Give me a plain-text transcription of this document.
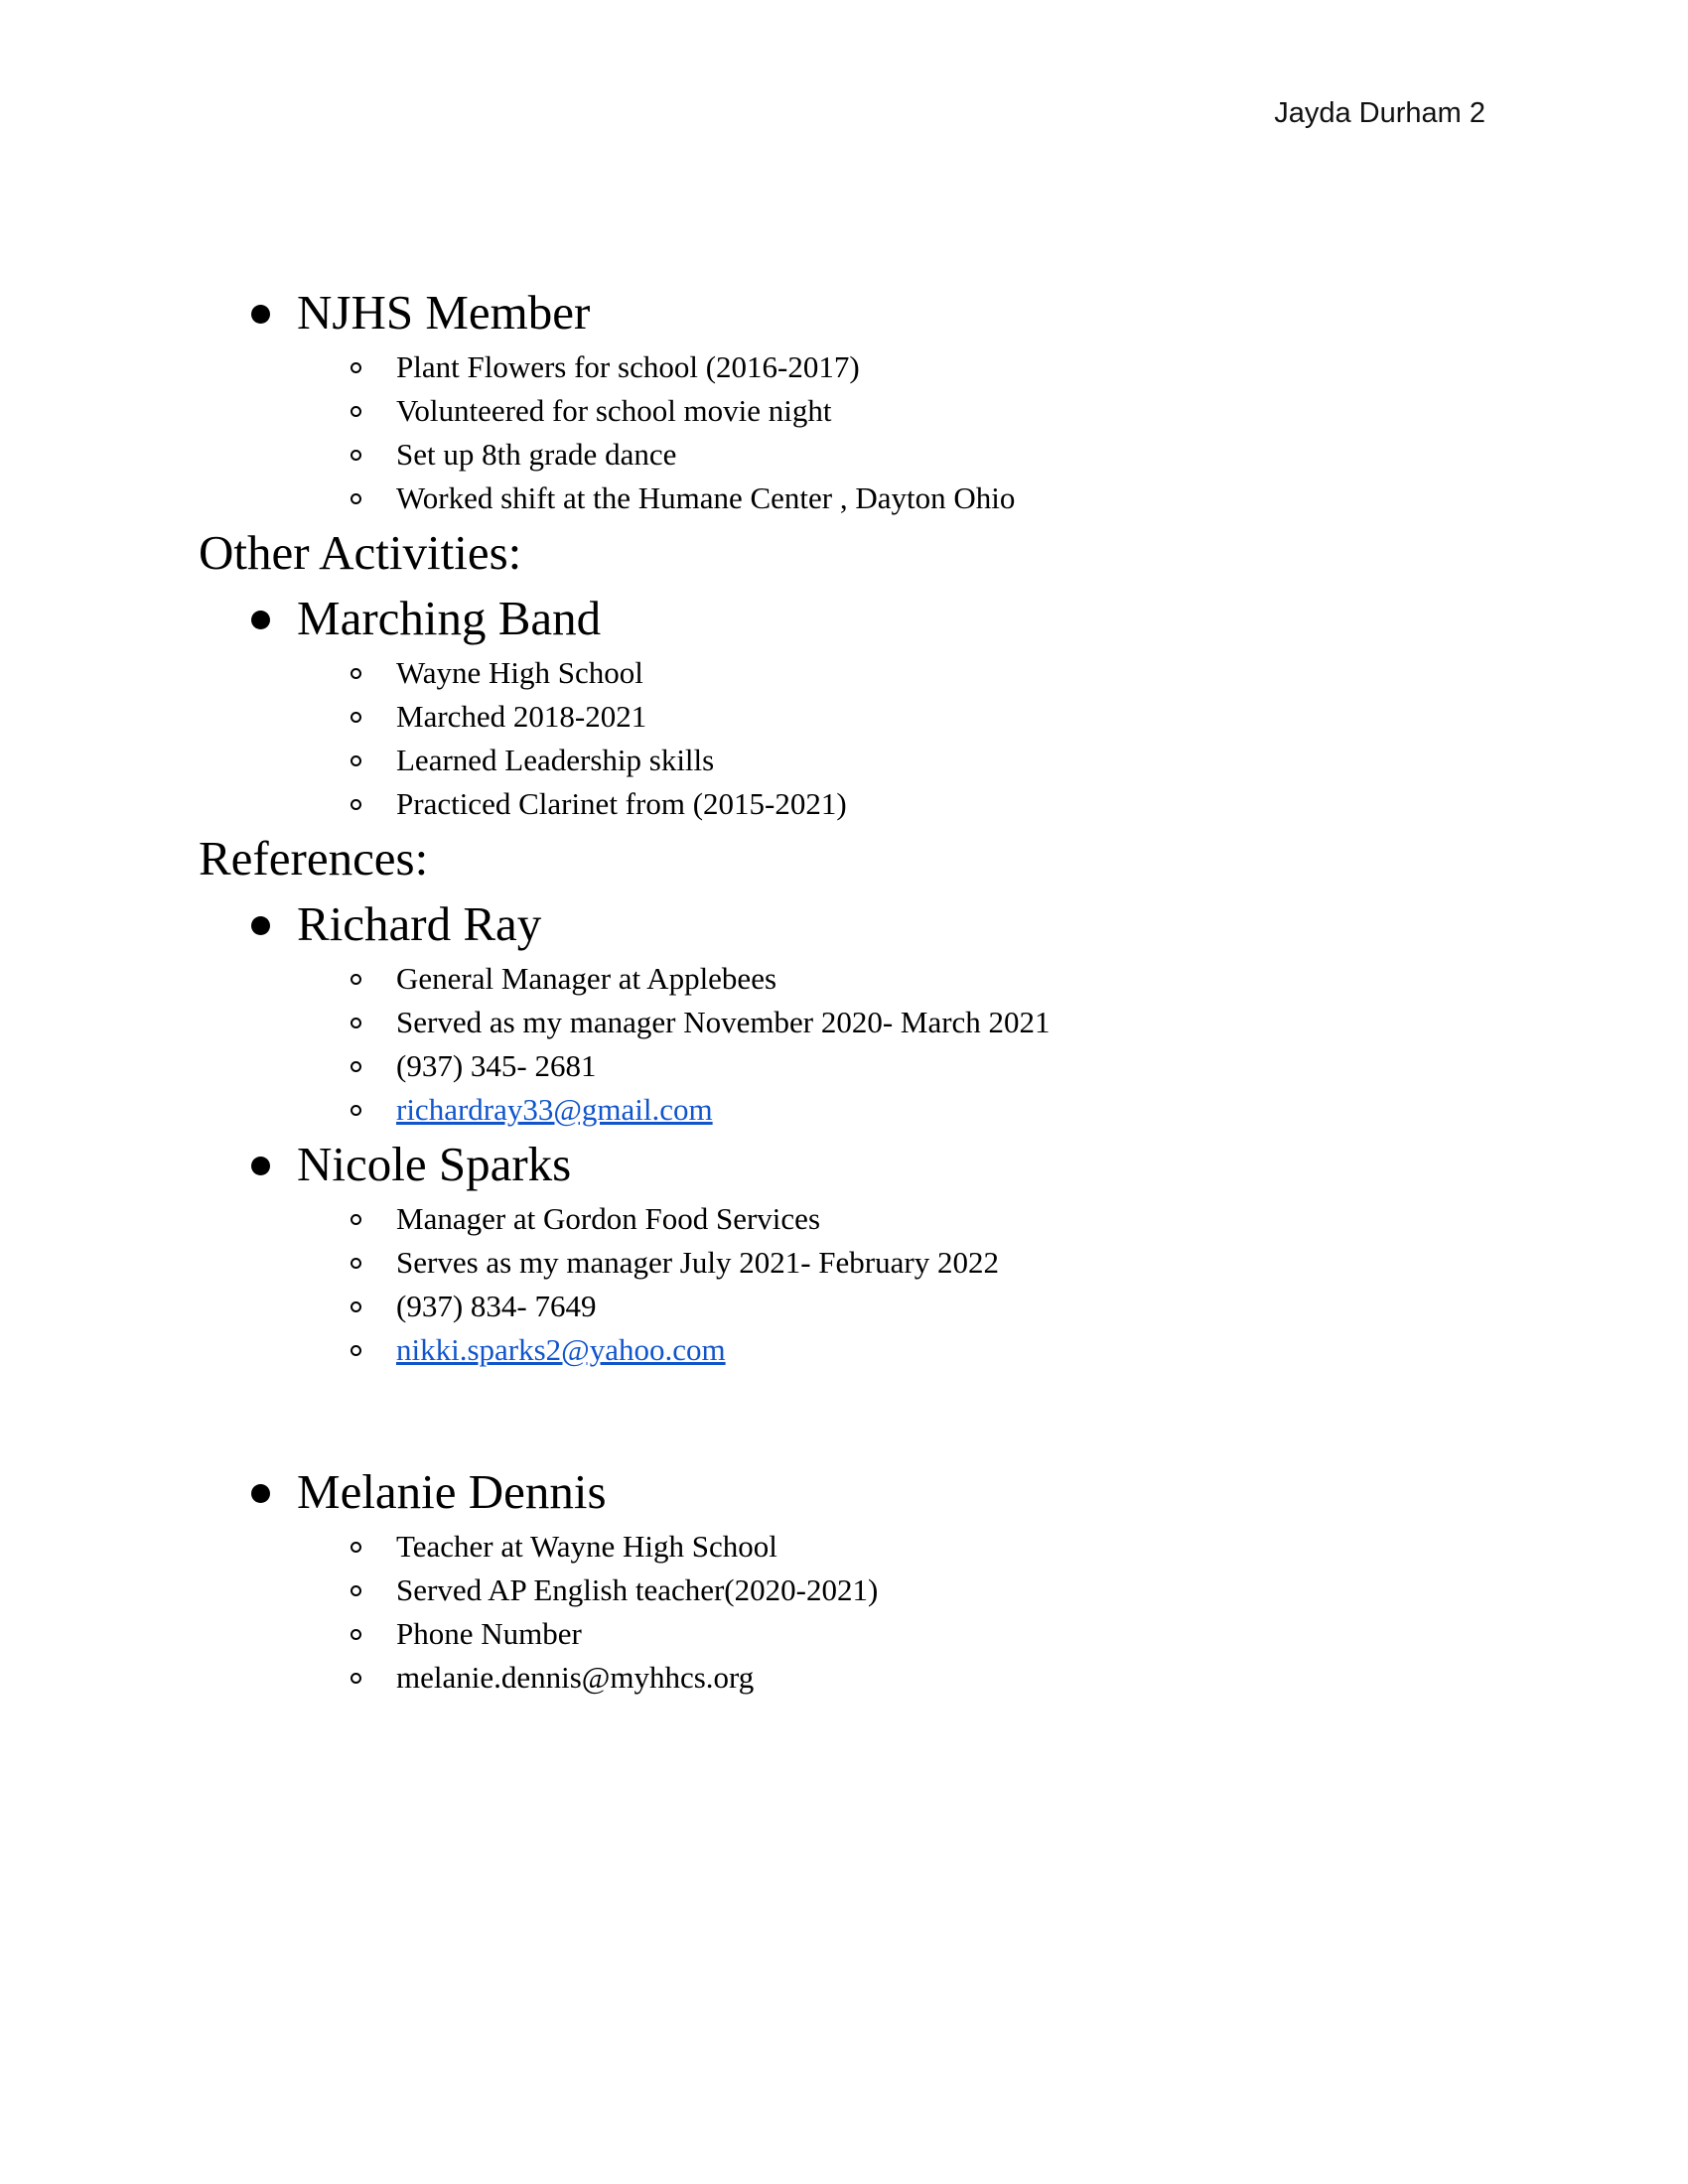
Jayda Durham 2
NJHS Member
Plant Flowers for school (2016-2017)
Volunteered for school movie night
Set up 8th grade dance
Worked shift at the Humane Center , Dayton Ohio
Other Activities:
Marching Band
Wayne High School
Marched 2018-2021
Learned Leadership skills
Practiced Clarinet from (2015-2021)
References:
Richard Ray
General Manager at Applebees
Served as my manager November 2020- March 2021
(937) 345- 2681
richardray33@gmail.com
Nicole Sparks
Manager at Gordon Food Services
Serves as my manager July 2021- February 2022
(937) 834- 7649
nikki.sparks2@yahoo.com
Melanie Dennis
Teacher at Wayne High School
Served AP English teacher(2020-2021)
Phone Number
melanie.dennis@myhhcs.org
